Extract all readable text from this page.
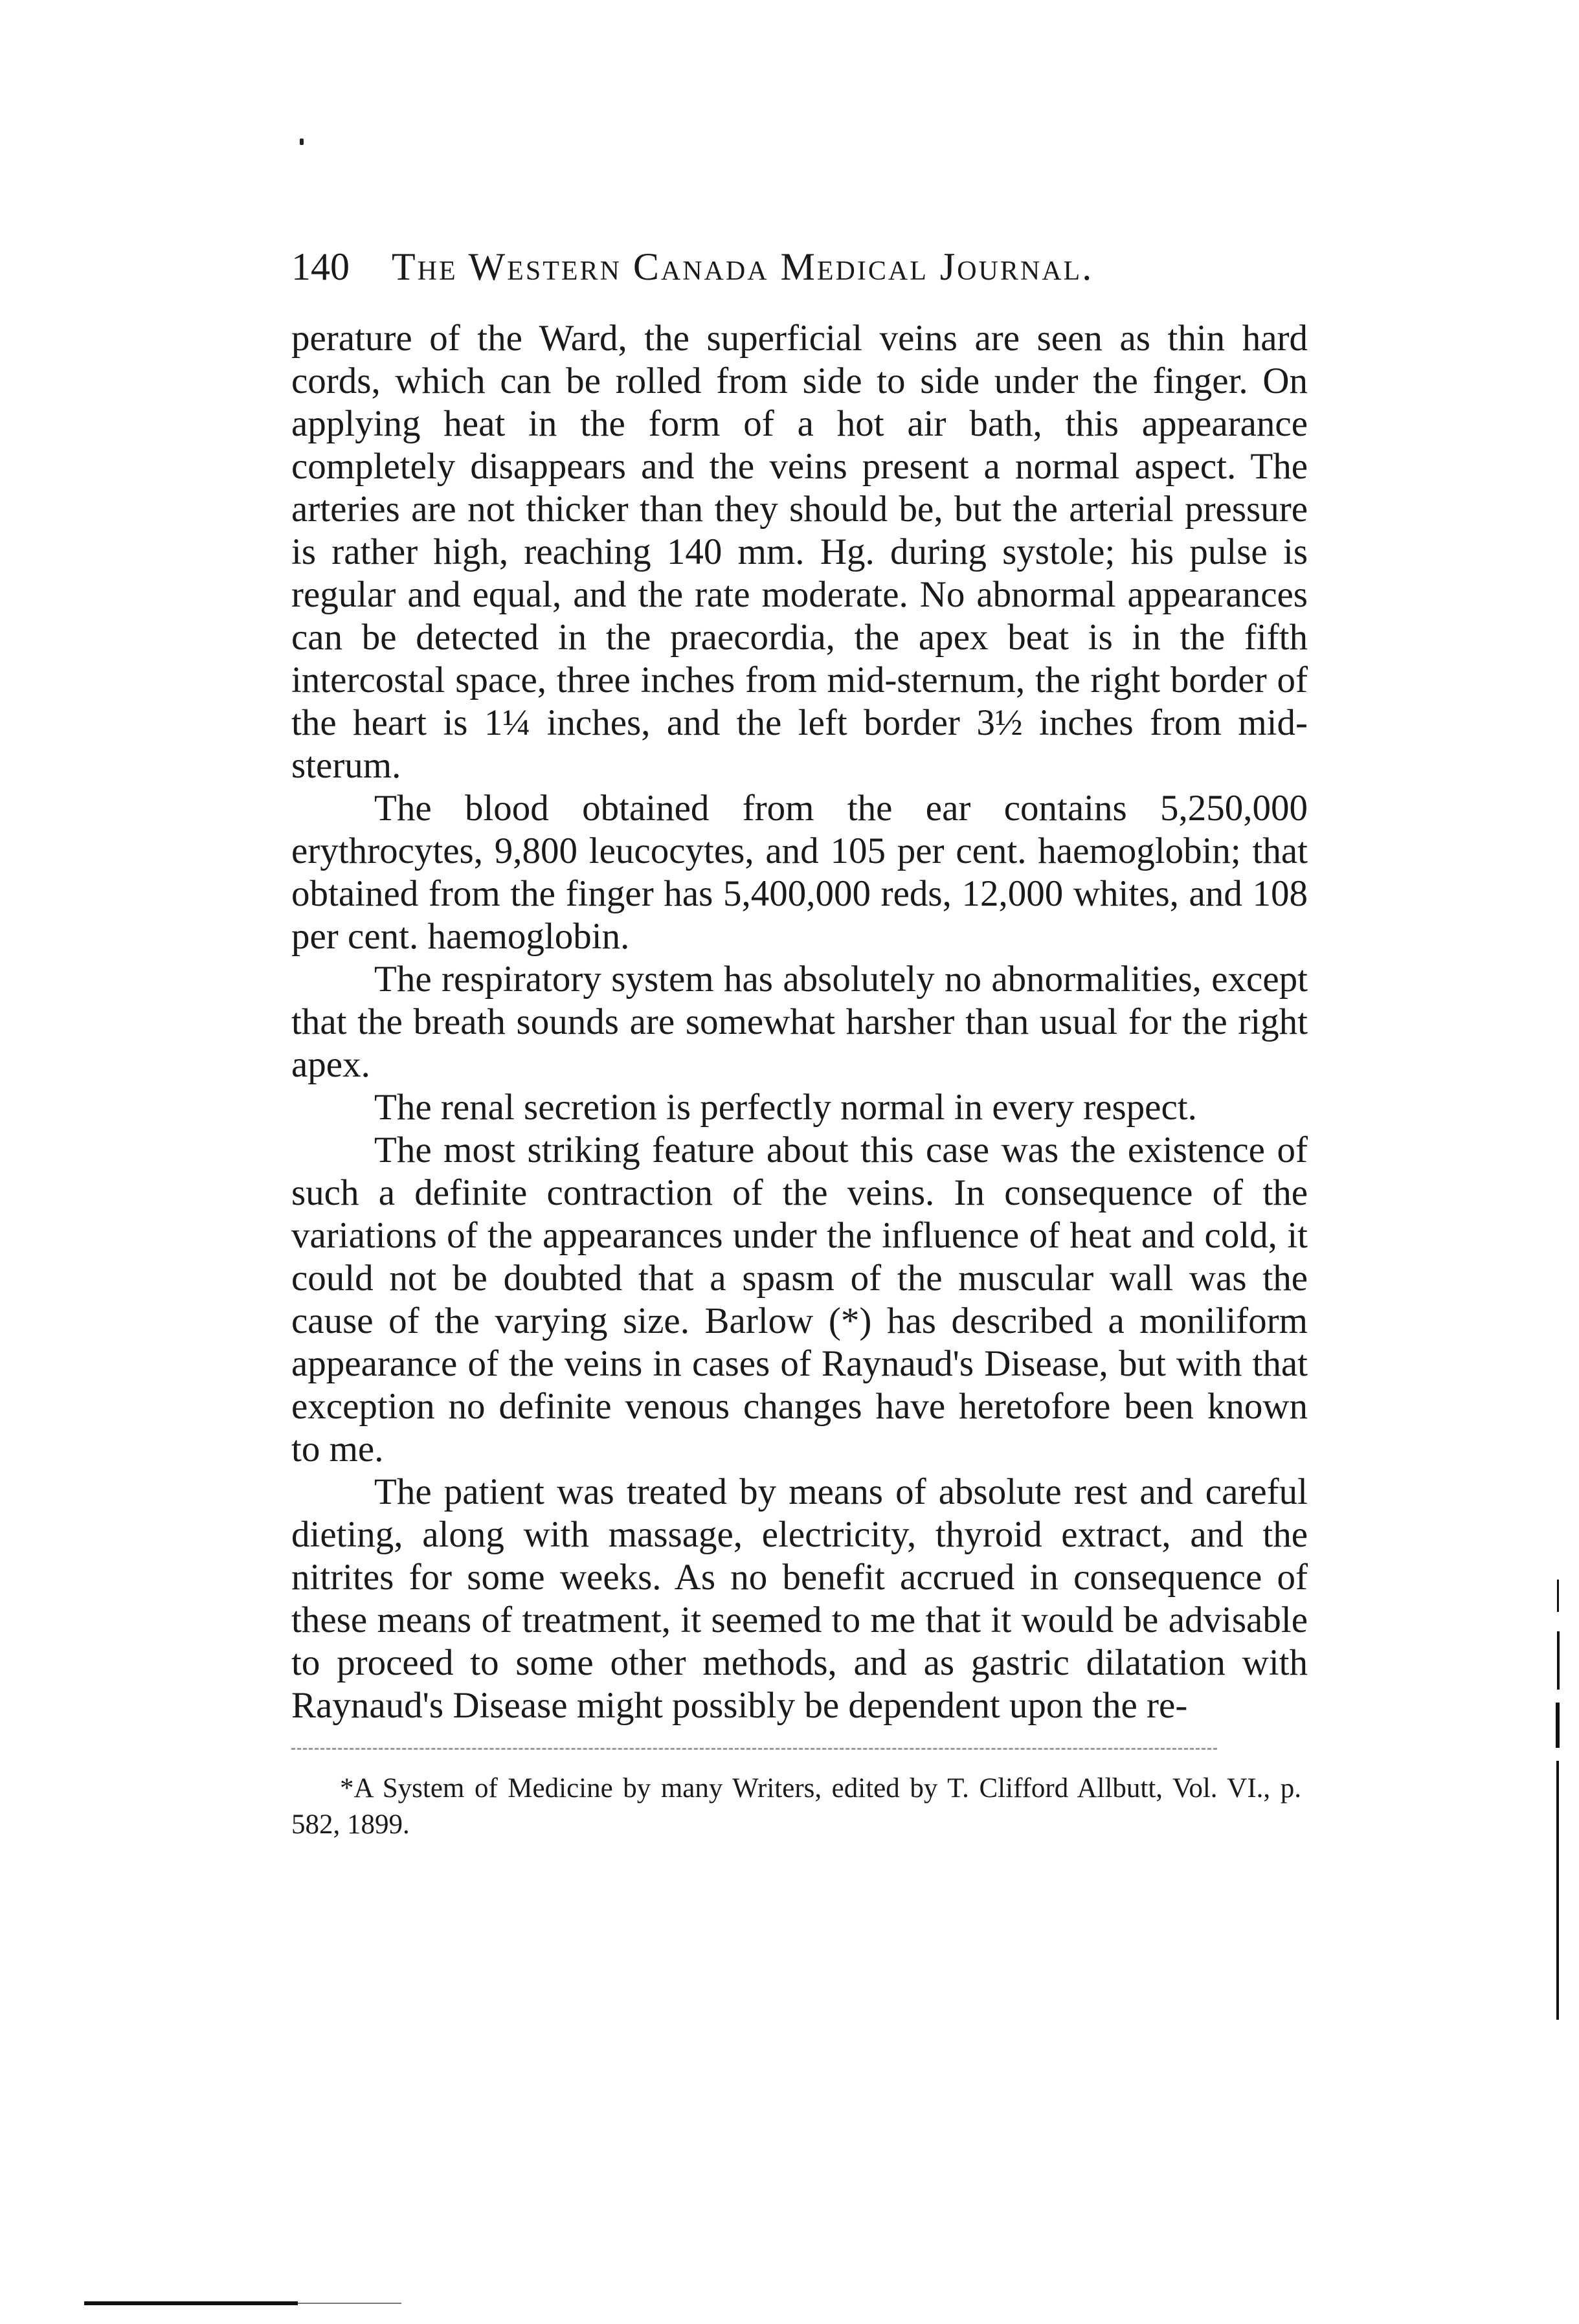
140 The Western Canada Medical Journal.

perature of the Ward, the superficial veins are seen as thin hard cords, which can be rolled from side to side under the finger. On applying heat in the form of a hot air bath, this appearance completely disappears and the veins present a normal aspect. The arteries are not thicker than they should be, but the arterial pressure is rather high, reaching 140 mm. Hg. during systole; his pulse is regular and equal, and the rate moderate. No abnormal appearances can be detected in the praecordia, the apex beat is in the fifth intercostal space, three inches from mid-sternum, the right border of the heart is 1¼ inches, and the left border 3½ inches from mid-sterum.

The blood obtained from the ear contains 5,250,000 erythrocytes, 9,800 leucocytes, and 105 per cent. haemoglobin; that obtained from the finger has 5,400,000 reds, 12,000 whites, and 108 per cent. haemoglobin.

The respiratory system has absolutely no abnormalities, except that the breath sounds are somewhat harsher than usual for the right apex.

The renal secretion is perfectly normal in every respect.

The most striking feature about this case was the existence of such a definite contraction of the veins. In consequence of the variations of the appearances under the influence of heat and cold, it could not be doubted that a spasm of the muscular wall was the cause of the varying size. Barlow (*) has described a moniliform appearance of the veins in cases of Raynaud's Disease, but with that exception no definite venous changes have heretofore been known to me.

The patient was treated by means of absolute rest and careful dieting, along with massage, electricity, thyroid extract, and the nitrites for some weeks. As no benefit accrued in consequence of these means of treatment, it seemed to me that it would be advisable to proceed to some other methods, and as gastric dilatation with Raynaud's Disease might possibly be dependent upon the re-

*A System of Medicine by many Writers, edited by T. Clifford Allbutt, Vol. VI., p. 582, 1899.
